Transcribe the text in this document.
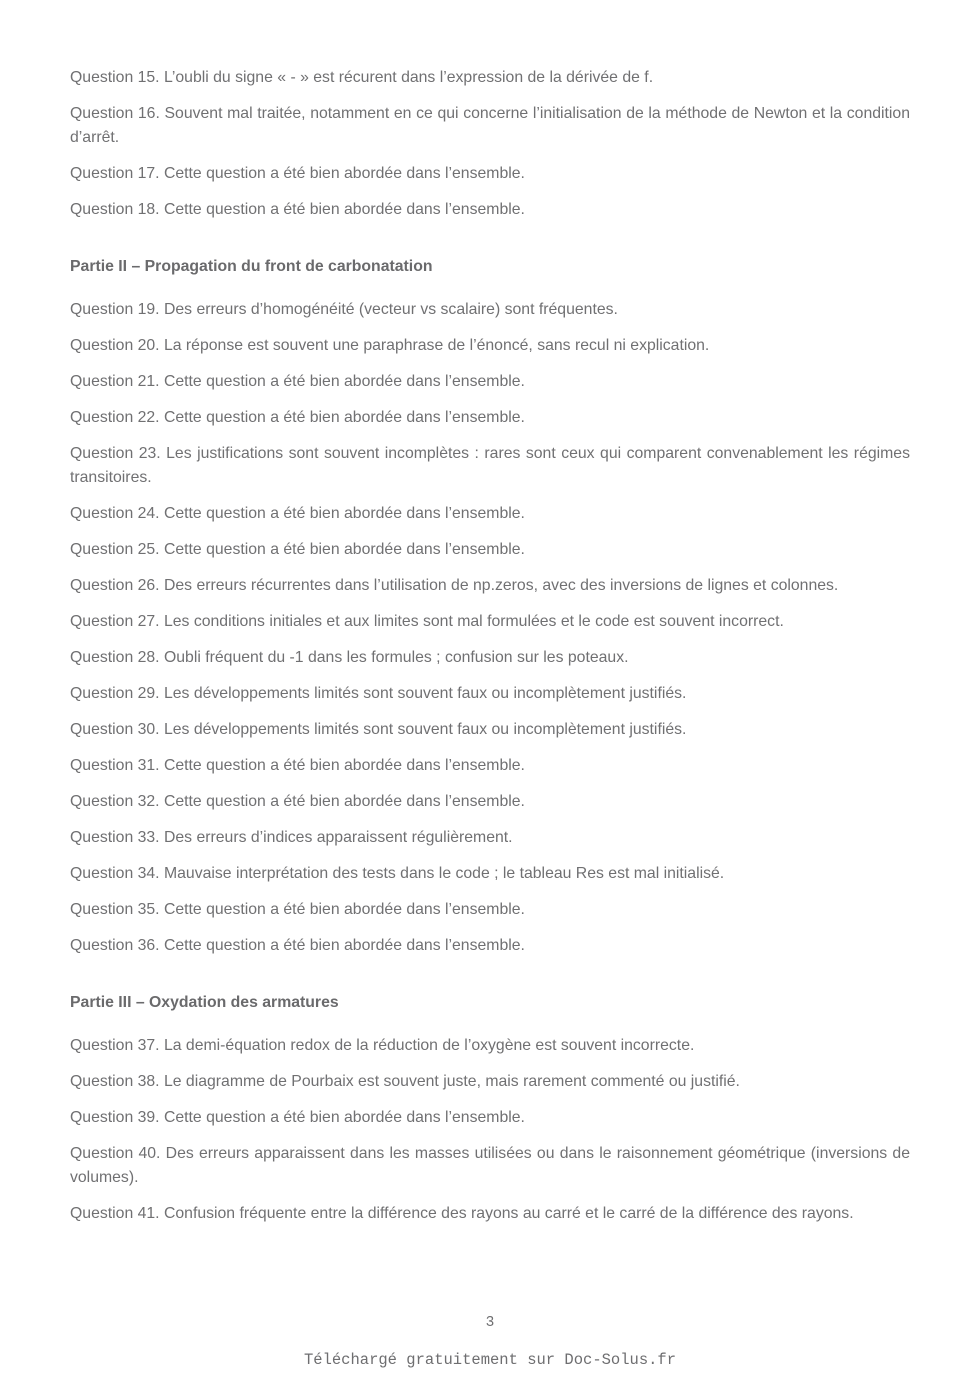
Question 15. L’oubli du signe « - » est récurent dans l’expression de la dérivée de f.

Question 16. Souvent mal traitée, notamment en ce qui concerne l’initialisation de la méthode de Newton et la condition d’arrêt.

Question 17. Cette question a été bien abordée dans l’ensemble.

Question 18. Cette question a été bien abordée dans l’ensemble.

Partie II – Propagation du front de carbonatation

Question 19. Des erreurs d’homogénéité (vecteur vs scalaire) sont fréquentes.

Question 20. La réponse est souvent une paraphrase de l’énoncé, sans recul ni explication.

Question 21. Cette question a été bien abordée dans l’ensemble.

Question 22. Cette question a été bien abordée dans l’ensemble.

Question 23. Les justifications sont souvent incomplètes : rares sont ceux qui comparent convenablement les régimes transitoires.

Question 24. Cette question a été bien abordée dans l’ensemble.

Question 25. Cette question a été bien abordée dans l’ensemble.

Question 26. Des erreurs récurrentes dans l’utilisation de np.zeros, avec des inversions de lignes et colonnes.

Question 27. Les conditions initiales et aux limites sont mal formulées et le code est souvent incorrect.

Question 28. Oubli fréquent du -1 dans les formules ; confusion sur les poteaux.

Question 29. Les développements limités sont souvent faux ou incomplètement justifiés.

Question 30. Les développements limités sont souvent faux ou incomplètement justifiés.

Question 31. Cette question a été bien abordée dans l’ensemble.

Question 32. Cette question a été bien abordée dans l’ensemble.

Question 33. Des erreurs d’indices apparaissent régulièrement.

Question 34. Mauvaise interprétation des tests dans le code ; le tableau Res est mal initialisé.

Question 35. Cette question a été bien abordée dans l’ensemble.

Question 36. Cette question a été bien abordée dans l’ensemble.

Partie III – Oxydation des armatures

Question 37. La demi-équation redox de la réduction de l’oxygène est souvent incorrecte.

Question 38. Le diagramme de Pourbaix est souvent juste, mais rarement commenté ou justifié.

Question 39. Cette question a été bien abordée dans l’ensemble.

Question 40. Des erreurs apparaissent dans les masses utilisées ou dans le raisonnement géométrique (inversions de volumes).

Question 41. Confusion fréquente entre la différence des rayons au carré et le carré de la différence des rayons.

3
Téléchargé gratuitement sur Doc-Solus.fr
